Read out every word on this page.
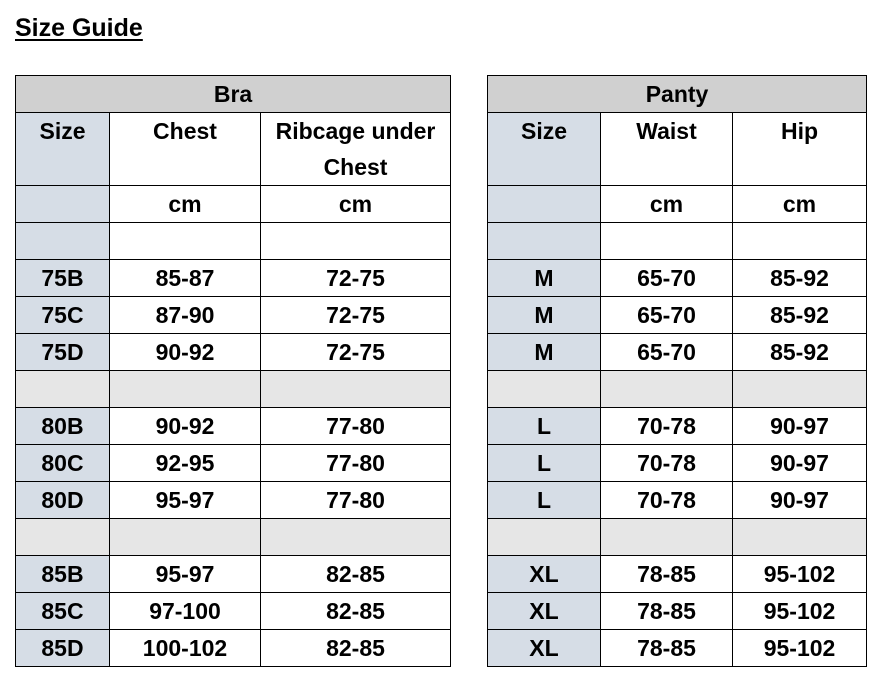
Size Guide
Bra		
Size	Chest	Ribcage under Chest
	cm	cm

75B	85-87	72-75
75C	87-90	72-75
75D	90-92	72-75

80B	90-92	77-80
80C	92-95	77-80
80D	95-97	77-80

85B	95-97	82-85
85C	97-100	82-85
85D	100-102	82-85
Panty		
Size	Waist	Hip
	cm	cm

M	65-70	85-92
M	65-70	85-92
M	65-70	85-92

L	70-78	90-97
L	70-78	90-97
L	70-78	90-97

XL	78-85	95-102
XL	78-85	95-102
XL	78-85	95-102
